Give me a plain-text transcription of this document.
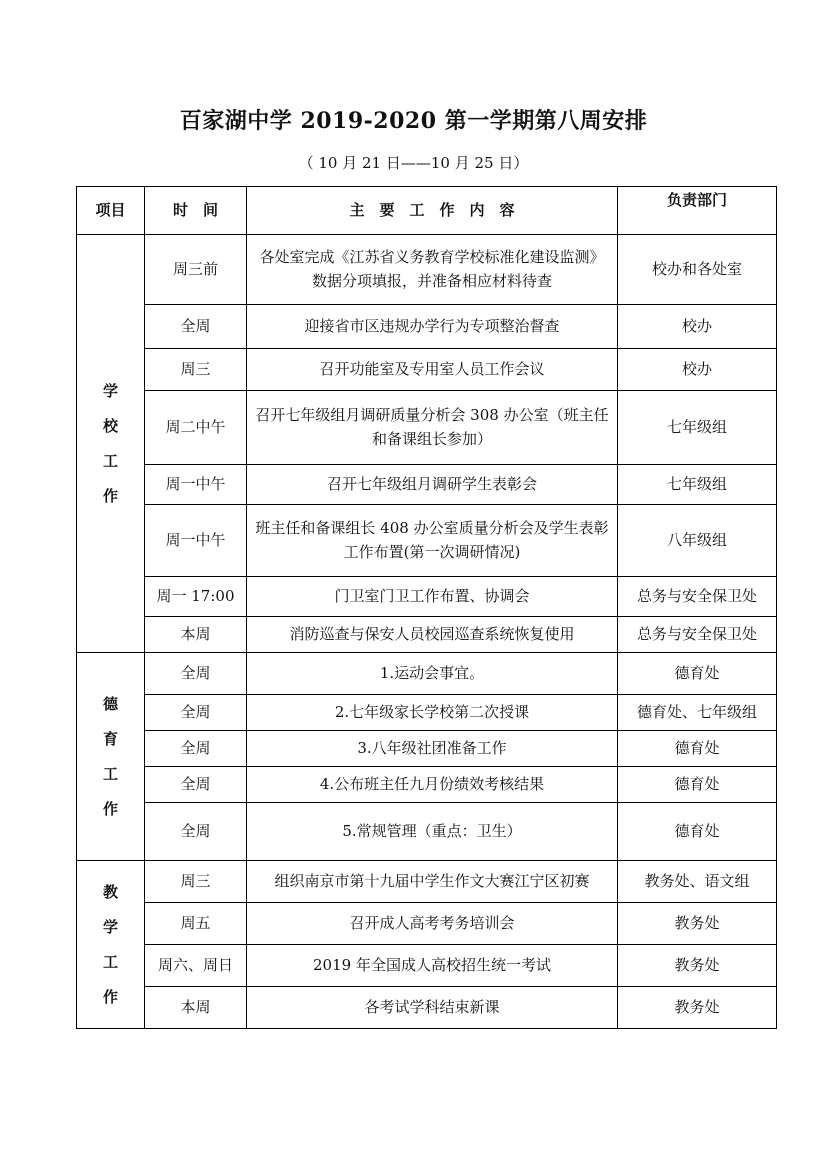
百家湖中学 2019-2020 第一学期第八周安排
（ 10 月 21 日——10 月 25 日）
项目	时　间	主　要　工　作　内　容	负责部门
学校工作	周三前	各处室完成《江苏省义务教育学校标准化建设监测》数据分项填报，并准备相应材料待查	校办和各处室
	全周	迎接省市区违规办学行为专项整治督查	校办
	周三	召开功能室及专用室人员工作会议	校办
	周二中午	召开七年级组月调研质量分析会 308 办公室（班主任和备课组长参加）	七年级组
	周一中午	召开七年级组月调研学生表彰会	七年级组
	周一中午	班主任和备课组长 408 办公室质量分析会及学生表彰工作布置(第一次调研情况)	八年级组
	周一 17:00	门卫室门卫工作布置、协调会	总务与安全保卫处
	本周	消防巡查与保安人员校园巡查系统恢复使用	总务与安全保卫处
德育工作	全周	1.运动会事宜。	德育处
	全周	2.七年级家长学校第二次授课	德育处、七年级组
	全周	3.八年级社团准备工作	德育处
	全周	4.公布班主任九月份绩效考核结果	德育处
	全周	5.常规管理（重点：卫生）	德育处
教学工作	周三	组织南京市第十九届中学生作文大赛江宁区初赛	教务处、语文组
	周五	召开成人高考考务培训会	教务处
	周六、周日	2019 年全国成人高校招生统一考试	教务处
	本周	各考试学科结束新课	教务处
